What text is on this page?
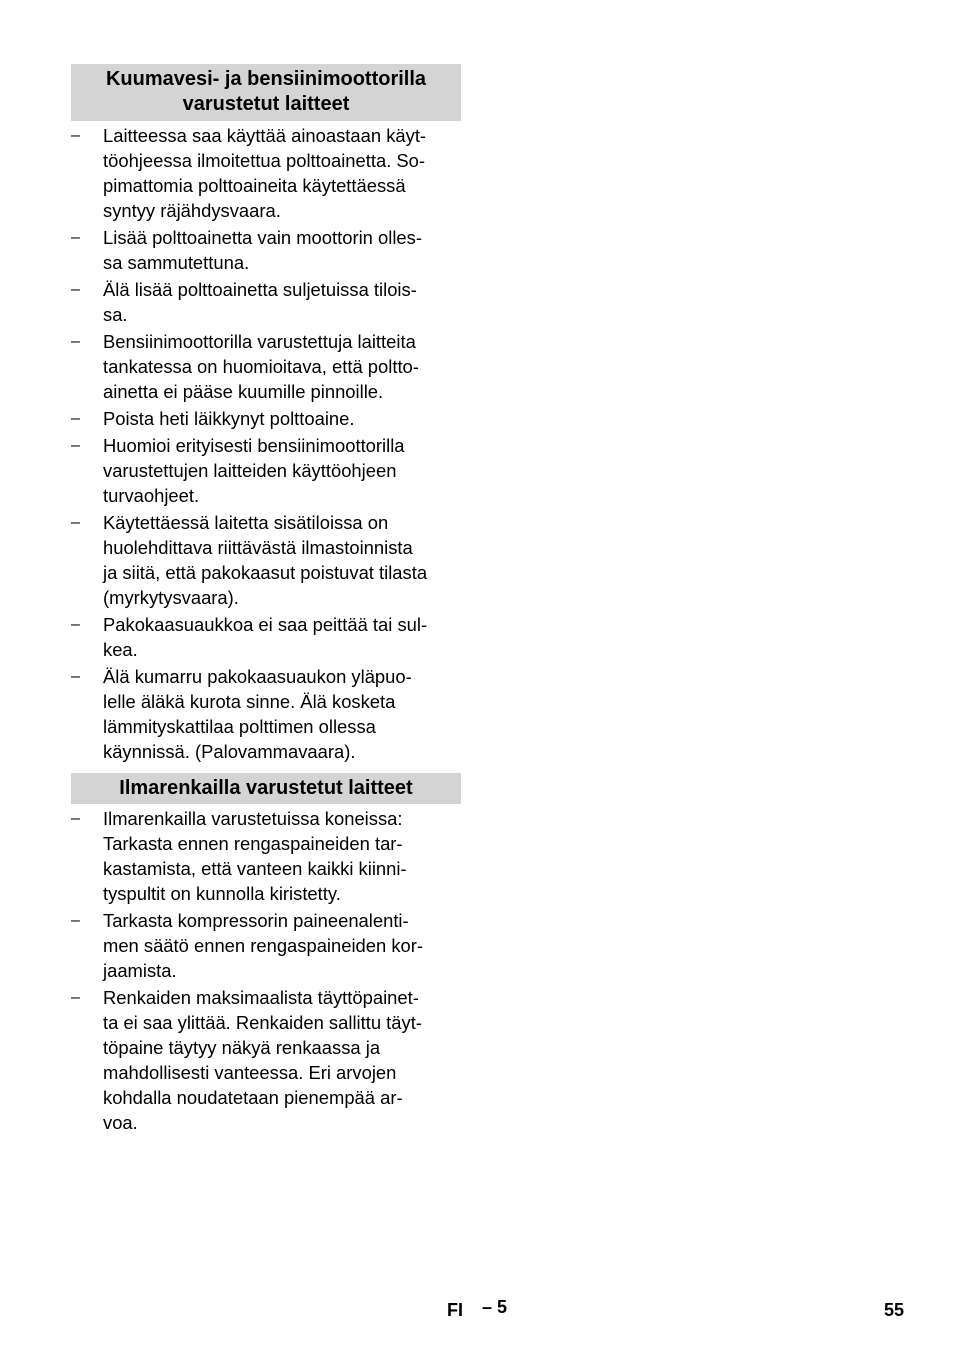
Kuumavesi- ja bensiinimoottorilla
varustetut laitteet
– Laitteessa saa käyttää ainoastaan käyt-
töohjeessa ilmoitettua polttoainetta. So-
pimattomia polttoaineita käytettäessä
syntyy räjähdysvaara.
– Lisää polttoainetta vain moottorin olles-
sa sammutettuna.
– Älä lisää polttoainetta suljetuissa tilois-
sa.
– Bensiinimoottorilla varustettuja laitteita
tankatessa on huomioitava, että poltto-
ainetta ei pääse kuumille pinnoille.
– Poista heti läikkynyt polttoaine.
– Huomioi erityisesti bensiinimoottorilla
varustettujen laitteiden käyttöohjeen
turvaohjeet.
– Käytettäessä laitetta sisätiloissa on
huolehdittava riittävästä ilmastoinnista
ja siitä, että pakokaasut poistuvat tilasta
(myrkytysvaara).
– Pakokaasuaukkoa ei saa peittää tai sul-
kea.
– Älä kumarru pakokaasuaukon yläpuo-
lelle äläkä kurota sinne. Älä kosketa
lämmityskattilaa polttimen ollessa
käynnissä. (Palovammavaara).
Ilmarenkailla varustetut laitteet
– Ilmarenkailla varustetuissa koneissa:
Tarkasta ennen rengaspaineiden tar-
kastamista, että vanteen kaikki kiinni-
tyspultit on kunnolla kiristetty.
– Tarkasta kompressorin paineenalenti-
men säätö ennen rengaspaineiden kor-
jaamista.
– Renkaiden maksimaalista täyttöpainet-
ta ei saa ylittää. Renkaiden sallittu täyt-
töpaine täytyy näkyä renkaassa ja
mahdollisesti vanteessa. Eri arvojen
kohdalla noudatetaan pienempää ar-
voa.
FI – 5	55
